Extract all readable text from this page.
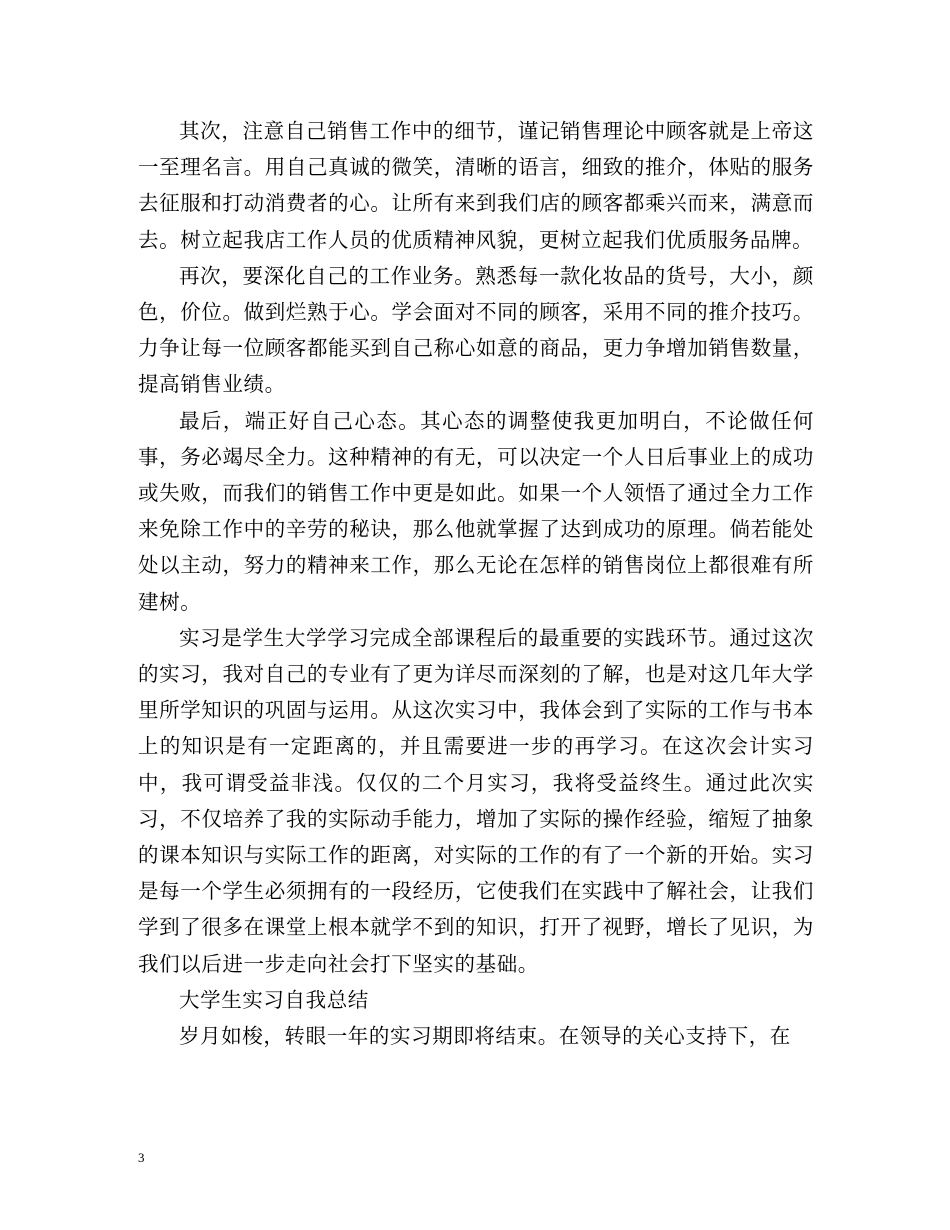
其次，注意自己销售工作中的细节，谨记销售理论中顾客就是上帝这一至理名言。用自己真诚的微笑，清晰的语言，细致的推介，体贴的服务去征服和打动消费者的心。让所有来到我们店的顾客都乘兴而来，满意而去。树立起我店工作人员的优质精神风貌，更树立起我们优质服务品牌。

再次，要深化自己的工作业务。熟悉每一款化妆品的货号，大小，颜色，价位。做到烂熟于心。学会面对不同的顾客，采用不同的推介技巧。力争让每一位顾客都能买到自己称心如意的商品，更力争增加销售数量，提高销售业绩。

最后，端正好自己心态。其心态的调整使我更加明白，不论做任何事，务必竭尽全力。这种精神的有无，可以决定一个人日后事业上的成功或失败，而我们的销售工作中更是如此。如果一个人领悟了通过全力工作来免除工作中的辛劳的秘诀，那么他就掌握了达到成功的原理。倘若能处处以主动，努力的精神来工作，那么无论在怎样的销售岗位上都很难有所建树。

实习是学生大学学习完成全部课程后的最重要的实践环节。通过这次的实习，我对自己的专业有了更为详尽而深刻的了解，也是对这几年大学里所学知识的巩固与运用。从这次实习中，我体会到了实际的工作与书本上的知识是有一定距离的，并且需要进一步的再学习。在这次会计实习中，我可谓受益非浅。仅仅的二个月实习，我将受益终生。通过此次实习，不仅培养了我的实际动手能力，增加了实际的操作经验，缩短了抽象的课本知识与实际工作的距离，对实际的工作的有了一个新的开始。实习是每一个学生必须拥有的一段经历，它使我们在实践中了解社会，让我们学到了很多在课堂上根本就学不到的知识，打开了视野，增长了见识，为我们以后进一步走向社会打下坚实的基础。

大学生实习自我总结

岁月如梭，转眼一年的实习期即将结束。在领导的关心支持下，在

3
